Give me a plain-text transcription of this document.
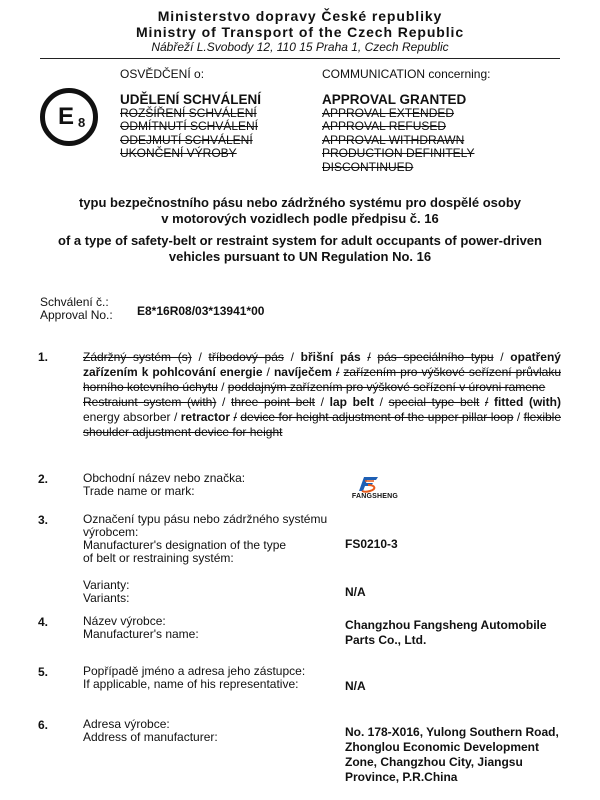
Ministerstvo dopravy České republiky
Ministry of Transport of the Czech Republic
Nábřeží L.Svobody 12, 110 15 Praha 1, Czech Republic
E 8
OSVĚDČENÍ o:
UDĚLENÍ SCHVÁLENÍ
ROZŠÍŘENÍ SCHVÁLENÍ
ODMÍTNUTÍ SCHVÁLENÍ
ODEJMUTÍ SCHVÁLENÍ
UKONČENÍ VÝROBY
COMMUNICATION concerning:
APPROVAL GRANTED
APPROVAL EXTENDED
APPROVAL REFUSED
APPROVAL WITHDRAWN
PRODUCTION DEFINITELY DISCONTINUED
typu bezpečnostního pásu nebo zádržného systému pro dospělé osoby
v motorových vozidlech podle předpisu č. 16
of a type of safety-belt or restraint system for adult occupants of power-driven
vehicles pursuant to UN Regulation No. 16
Schválení č.:
Approval No.: E8*16R08/03*13941*00
1.	Zádržný systém (s) / tříbodový pás / břišní pás / pás speciálního typu / opatřený zařízením k pohlcování energie / navíječem / zařízením pro výškové seřízení průvlaku horního kotevního úchytu / poddajným zařízením pro výškové seřízení v úrovni ramene

Restraiunt system (with) / three point belt / lap belt / special type belt / fitted (with) energy absorber / retractor / device for height adjustment of the upper pillar loop / flexible shoulder adjustment device for height

2.	Obchodní název nebo značka:
Trade name or mark:	FANGSHENG
3.	Označení typu pásu nebo zádržného systému
výrobcem:
Manufacturer's designation of the type
of belt or restraining systém:
FS0210-3
Varianty:
Variants:	N/A
4.	Název výrobce:
Manufacturer's name:
Changzhou Fangsheng Automobile
Parts Co., Ltd.
5.	Popřípadě jméno a adresa jeho zástupce:
If applicable, name of his representative:	N/A
6.	Adresa výrobce:
Address of manufacturer:	No. 178-X016, Yulong Southern Road,
Zhonglou Economic Development
Zone, Changzhou City, Jiangsu
Province, P.R.China
